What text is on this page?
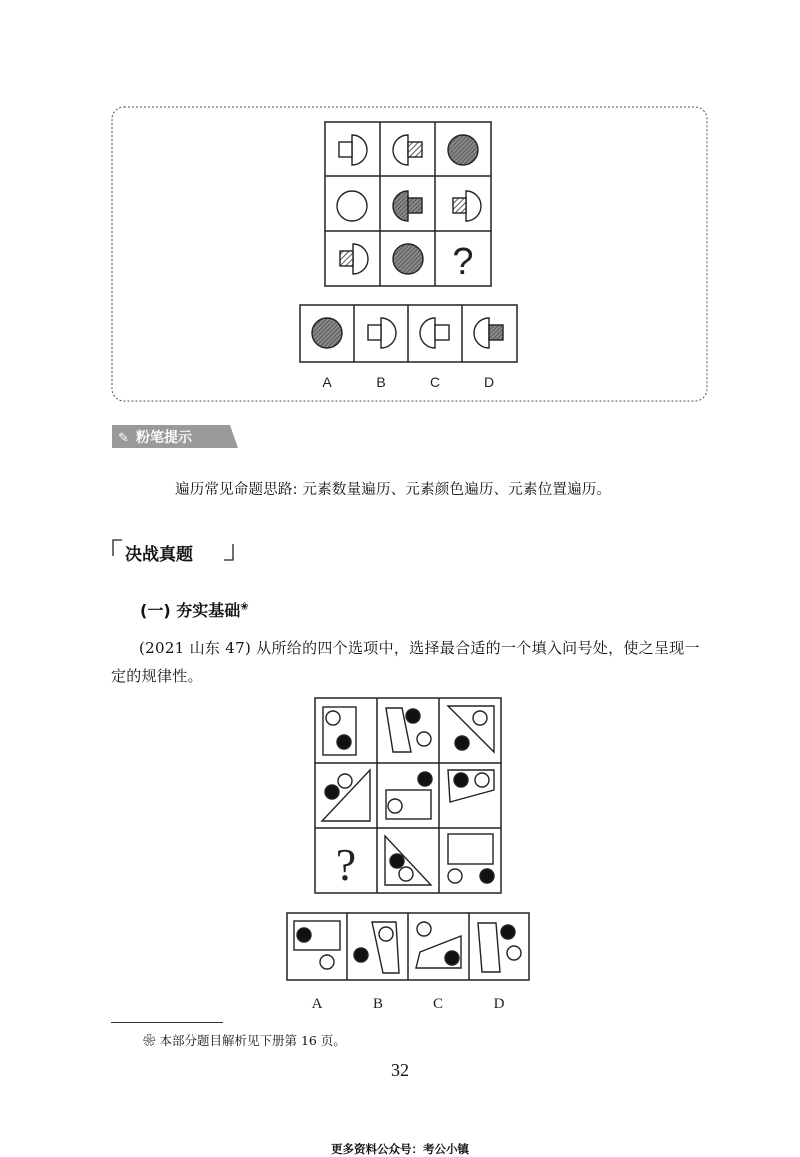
?
A	B	C	D
✎ 粉笔提示
遍历常见命题思路: 元素数量遍历、元素颜色遍历、元素位置遍历。
决战真题
(一) 夯实基础❀
(2021 山东 47) 从所给的四个选项中，选择最合适的一个填入问号处，使之呈现一定的规律性。
?
A	B	C	D
❀ 本部分题目解析见下册第 16 页。
32
更多资料公众号：考公小镇
